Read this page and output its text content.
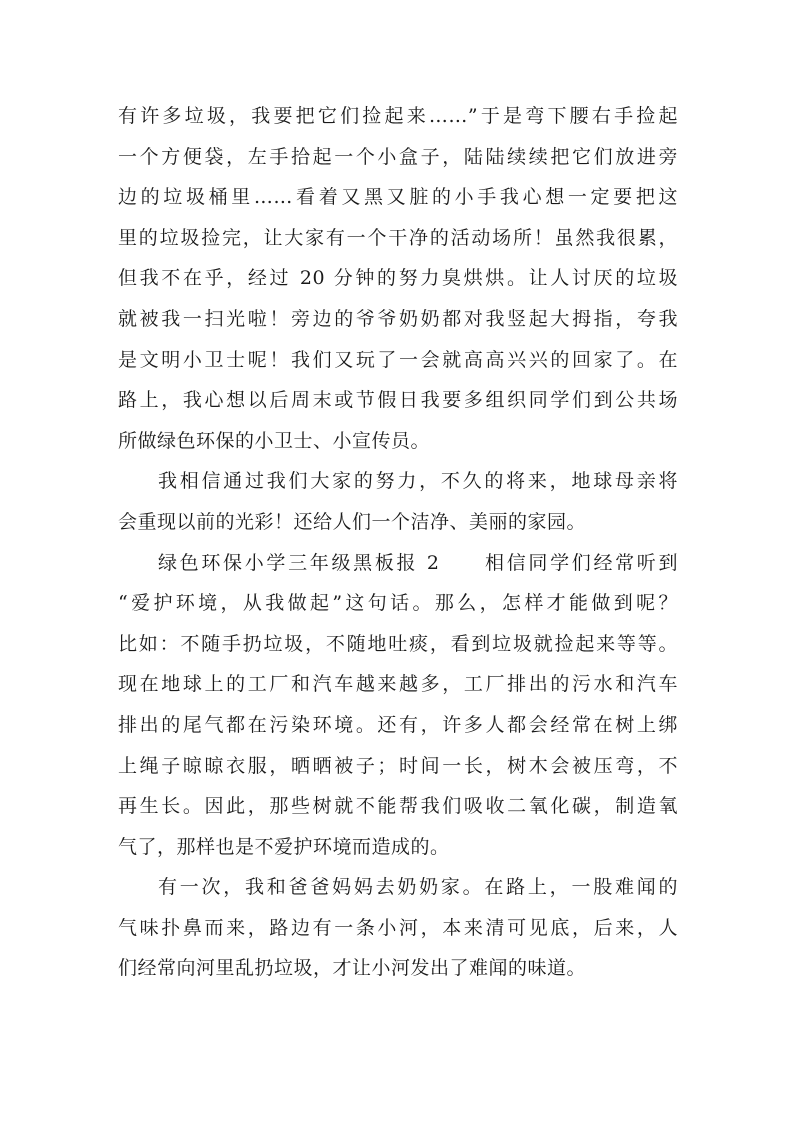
有许多垃圾，我要把它们捡起来……”于是弯下腰右手捡起
一个方便袋，左手拾起一个小盒子，陆陆续续把它们放进旁
边的垃圾桶里……看着又黑又脏的小手我心想一定要把这
里的垃圾捡完，让大家有一个干净的活动场所！虽然我很累，
但我不在乎，经过 20 分钟的努力臭烘烘。让人讨厌的垃圾
就被我一扫光啦！旁边的爷爷奶奶都对我竖起大拇指，夸我
是文明小卫士呢！我们又玩了一会就高高兴兴的回家了。在
路上，我心想以后周末或节假日我要多组织同学们到公共场
所做绿色环保的小卫士、小宣传员。
我相信通过我们大家的努力，不久的将来，地球母亲将
会重现以前的光彩！还给人们一个洁净、美丽的家园。
绿色环保小学三年级黑板报 2　　相信同学们经常听到
“爱护环境，从我做起”这句话。那么，怎样才能做到呢？
比如：不随手扔垃圾，不随地吐痰，看到垃圾就捡起来等等。
现在地球上的工厂和汽车越来越多，工厂排出的污水和汽车
排出的尾气都在污染环境。还有，许多人都会经常在树上绑
上绳子晾晾衣服，晒晒被子；时间一长，树木会被压弯，不
再生长。因此，那些树就不能帮我们吸收二氧化碳，制造氧
气了，那样也是不爱护环境而造成的。
有一次，我和爸爸妈妈去奶奶家。在路上，一股难闻的
气味扑鼻而来，路边有一条小河，本来清可见底，后来，人
们经常向河里乱扔垃圾，才让小河发出了难闻的味道。
